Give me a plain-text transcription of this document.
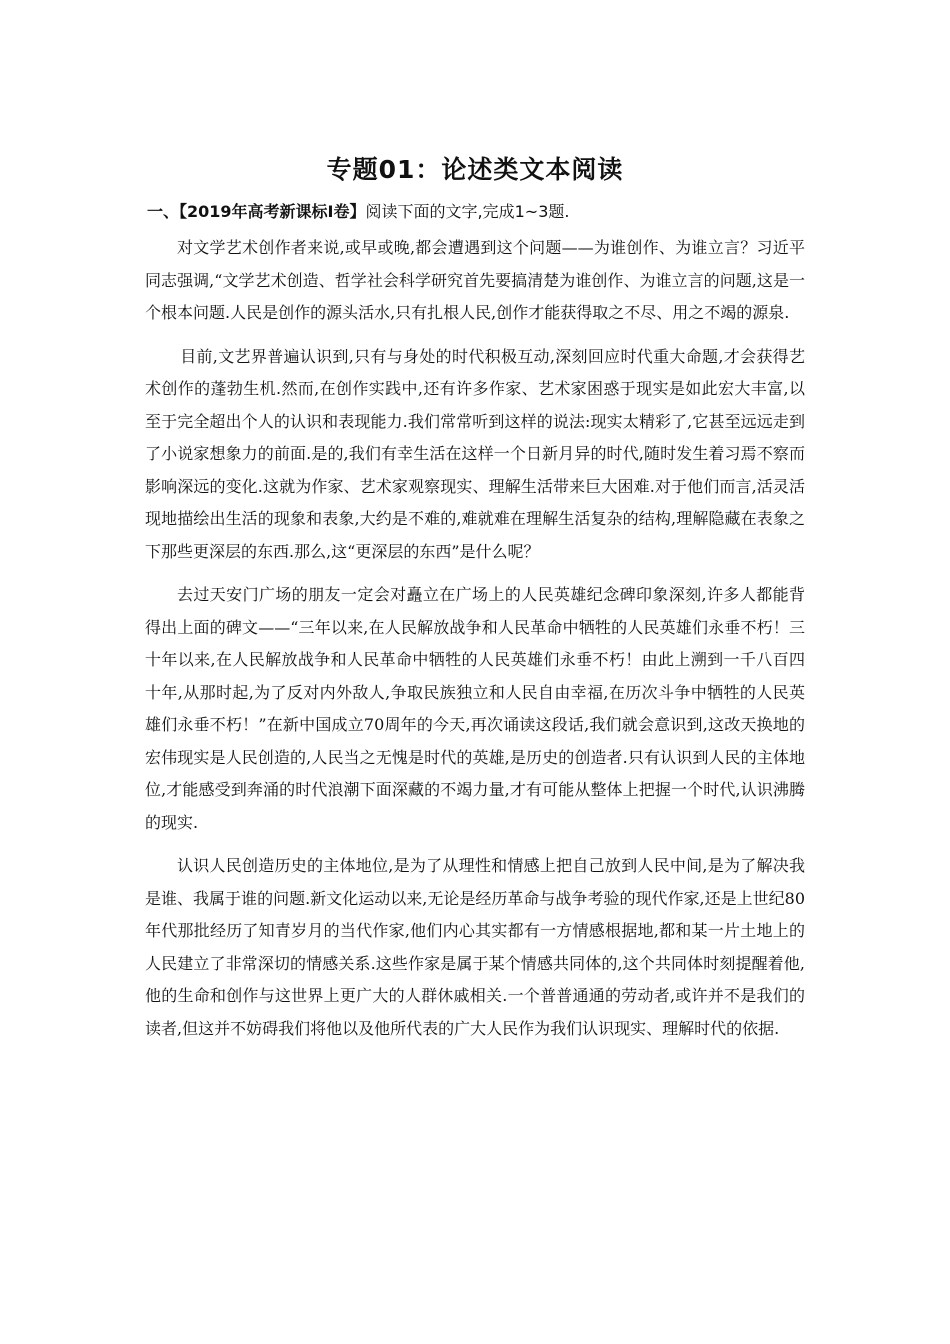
专题01：论述类文本阅读
一、【2019年高考新课标Ⅰ卷】阅读下面的文字,完成1~3题.

对文学艺术创作者来说,或早或晚,都会遭遇到这个问题——为谁创作、为谁立言？习近平同志强调,“文学艺术创造、哲学社会科学研究首先要搞清楚为谁创作、为谁立言的问题,这是一个根本问题.人民是创作的源头活水,只有扎根人民,创作才能获得取之不尽、用之不竭的源泉.

目前,文艺界普遍认识到,只有与身处的时代积极互动,深刻回应时代重大命题,才会获得艺术创作的蓬勃生机.然而,在创作实践中,还有许多作家、艺术家困惑于现实是如此宏大丰富,以至于完全超出个人的认识和表现能力.我们常常听到这样的说法:现实太精彩了,它甚至远远走到了小说家想象力的前面.是的,我们有幸生活在这样一个日新月异的时代,随时发生着习焉不察而影响深远的变化.这就为作家、艺术家观察现实、理解生活带来巨大困难.对于他们而言,活灵活现地描绘出生活的现象和表象,大约是不难的,难就难在理解生活复杂的结构,理解隐藏在表象之下那些更深层的东西.那么,这“更深层的东西”是什么呢？

去过天安门广场的朋友一定会对矗立在广场上的人民英雄纪念碑印象深刻,许多人都能背得出上面的碑文——“三年以来,在人民解放战争和人民革命中牺牲的人民英雄们永垂不朽！三十年以来,在人民解放战争和人民革命中牺牲的人民英雄们永垂不朽！由此上溯到一千八百四十年,从那时起,为了反对内外敌人,争取民族独立和人民自由幸福,在历次斗争中牺牲的人民英雄们永垂不朽！”在新中国成立70周年的今天,再次诵读这段话,我们就会意识到,这改天换地的宏伟现实是人民创造的,人民当之无愧是时代的英雄,是历史的创造者.只有认识到人民的主体地位,才能感受到奔涌的时代浪潮下面深藏的不竭力量,才有可能从整体上把握一个时代,认识沸腾的现实.

认识人民创造历史的主体地位,是为了从理性和情感上把自己放到人民中间,是为了解决我是谁、我属于谁的问题.新文化运动以来,无论是经历革命与战争考验的现代作家,还是上世纪80年代那批经历了知青岁月的当代作家,他们内心其实都有一方情感根据地,都和某一片土地上的人民建立了非常深切的情感关系.这些作家是属于某个情感共同体的,这个共同体时刻提醒着他,他的生命和创作与这世界上更广大的人群休戚相关.一个普普通通的劳动者,或许并不是我们的读者,但这并不妨碍我们将他以及他所代表的广大人民作为我们认识现实、理解时代的依据.
